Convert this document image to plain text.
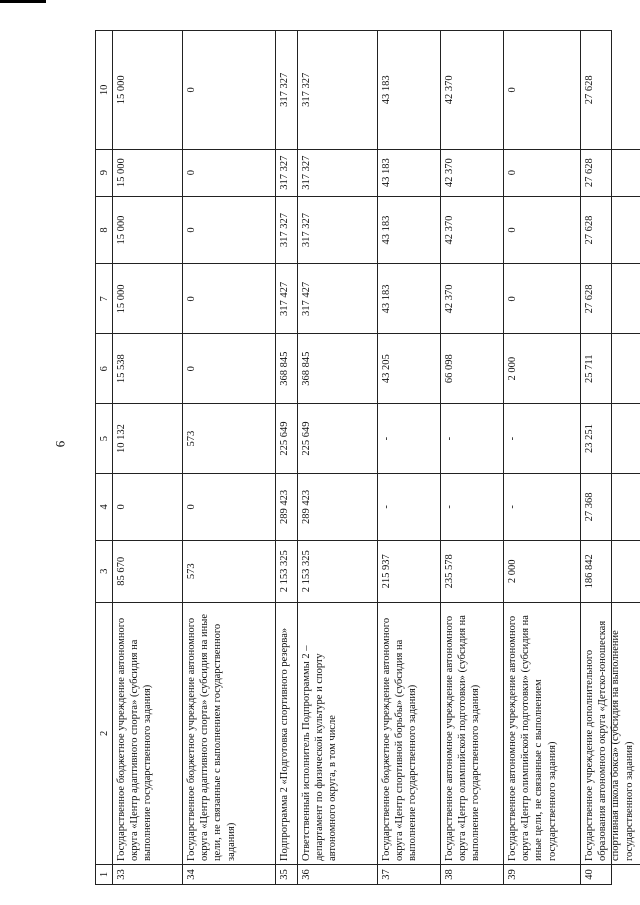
9
1
2
3
4
5
6
7
8
9
10
33
Государственное бюджетное учреждение автономного округа «Центр адаптивного спорта» (субсидия на выполнение государственного задания)
85 670
0
10 132
15 538
15 000
15 000
15 000
15 000
34
Государственное бюджетное учреждение автономного округа «Центр адаптивного спорта» (субсидия на иные цели, не связанные с выполнением государственного задания)
573
0
573
0
0
0
0
0
35
Подпрограмма 2 «Подготовка спортивного резерва»
2 153 325
289 423
225 649
368 845
317 427
317 327
317 327
317 327
36
Ответственный исполнитель Подпрограммы 2 – департамент по физической культуре и спорту автономного округа, в том числе
2 153 325
289 423
225 649
368 845
317 427
317 327
317 327
317 327
37
Государственное бюджетное учреждение автономного округа «Центр спортивной борьбы» (субсидия на выполнение государственного задания)
215 937
-
-
43 205
43 183
43 183
43 183
43 183
38
Государственное автономное учреждение автономного округа «Центр олимпийской подготовки» (субсидия на выполнение государственного задания)
235 578
-
-
66 098
42 370
42 370
42 370
42 370
39
Государственное автономное учреждение автономного округа «Центр олимпийской подготовки» (субсидия на иные цели, не связанные с выполнением государственного задания)
2 000
-
-
2 000
0
0
0
0
40
Государственное учреждение дополнительного образования автономного округа «Детско-юношеская спортивная школа бокса» (субсидия на выполнение государственного задания)
186 842
27 368
23 251
25 711
27 628
27 628
27 628
27 628
